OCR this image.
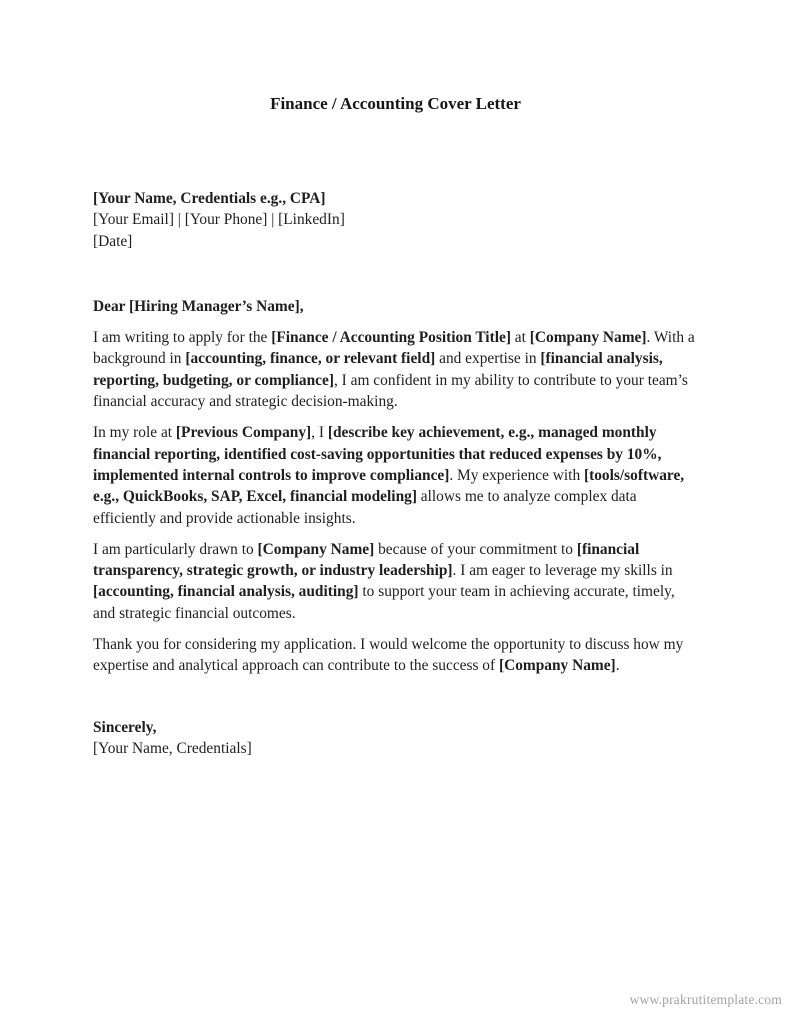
Finance / Accounting Cover Letter

[Your Name, Credentials e.g., CPA]

[Your Email] | [Your Phone] | [LinkedIn]

[Date]

Dear [Hiring Manager’s Name],

I am writing to apply for the [Finance / Accounting Position Title] at [Company Name]. With a background in [accounting, finance, or relevant field] and expertise in [financial analysis, reporting, budgeting, or compliance], I am confident in my ability to contribute to your team’s financial accuracy and strategic decision-making.

In my role at [Previous Company], I [describe key achievement, e.g., managed monthly financial reporting, identified cost-saving opportunities that reduced expenses by 10%, implemented internal controls to improve compliance]. My experience with [tools/software, e.g., QuickBooks, SAP, Excel, financial modeling] allows me to analyze complex data efficiently and provide actionable insights.

I am particularly drawn to [Company Name] because of your commitment to [financial transparency, strategic growth, or industry leadership]. I am eager to leverage my skills in [accounting, financial analysis, auditing] to support your team in achieving accurate, timely, and strategic financial outcomes.

Thank you for considering my application. I would welcome the opportunity to discuss how my expertise and analytical approach can contribute to the success of [Company Name].

Sincerely,

[Your Name, Credentials]

www.prakrutitemplate.com
